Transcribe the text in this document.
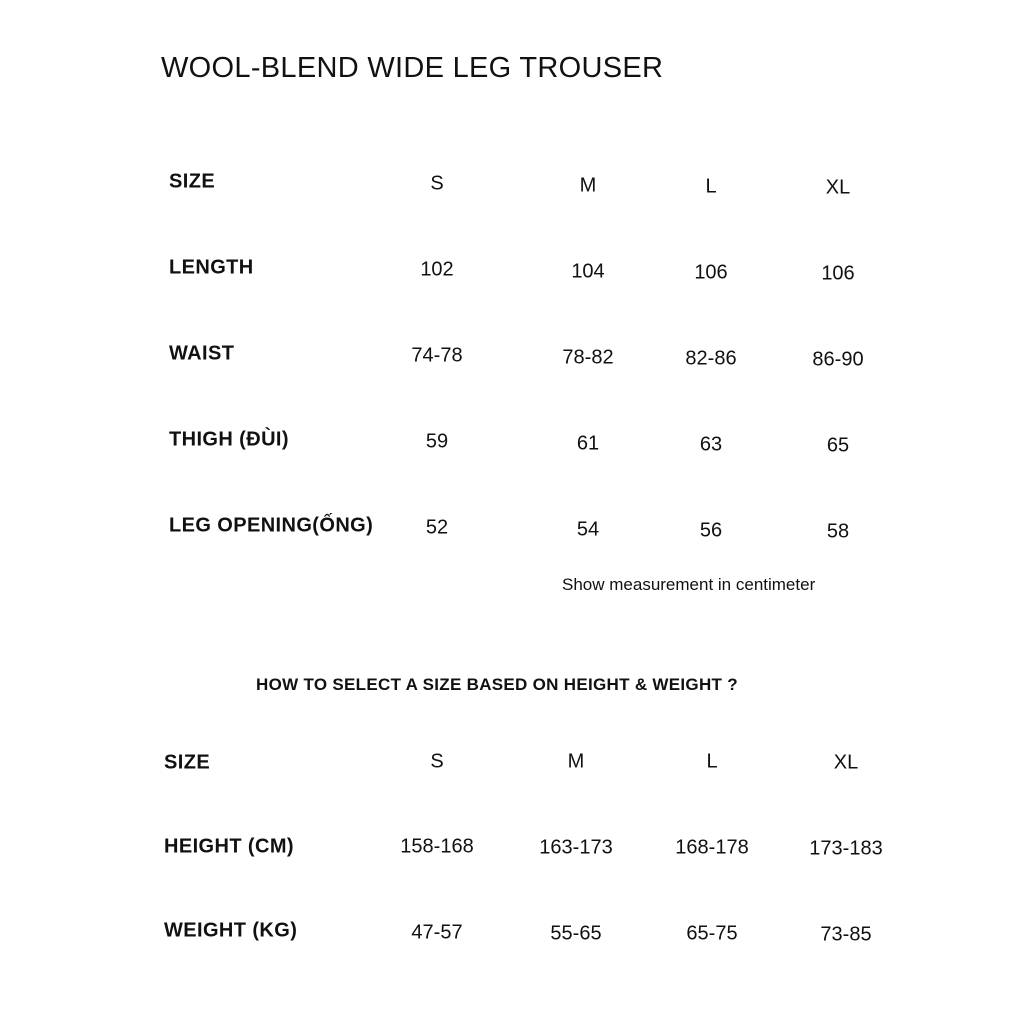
WOOL-BLEND WIDE LEG TROUSER
SIZE	S	M	L	XL
LENGTH	102	104	106	106
WAIST	74-78	78-82	82-86	86-90
THIGH (ĐÙI)	59	61	63	65
LEG OPENING(ỐNG)	52	54	56	58
Show measurement in centimeter
HOW TO SELECT A SIZE BASED ON HEIGHT & WEIGHT ?
SIZE	S	M	L	XL
HEIGHT (CM)	158-168	163-173	168-178	173-183
WEIGHT (KG)	47-57	55-65	65-75	73-85
